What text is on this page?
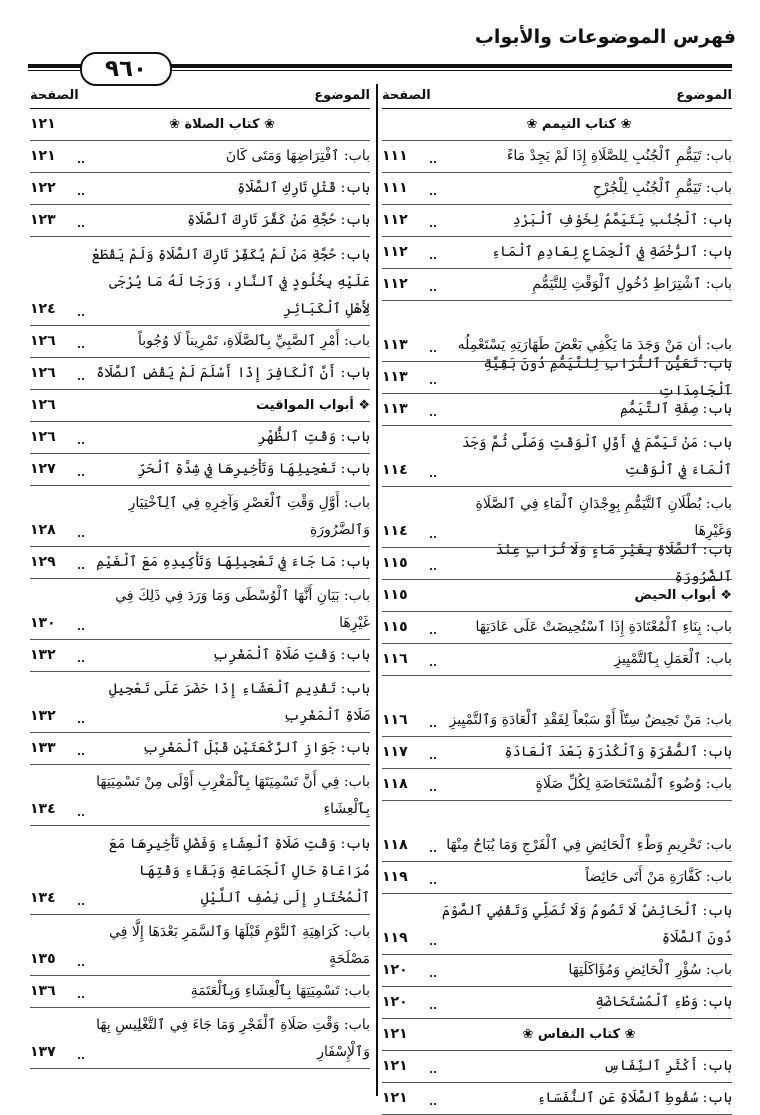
فهرس الموضوعات والأبواب
٩٦٠
الموضوع
الصفحة
❀ كتاب التيمم ❀
باب: تَيَمُّمِ ٱلْجُنُبِ لِلصَّلَاةِ إِذَا لَمْ يَجِدْ مَاءً
١١١
باب: تَيَمُّمِ ٱلْجُنُبِ لِلْجُرْحِ
١١١
باب: ٱلْجُنُبِ يَتَيَمَّمُ لِخَوْفِ ٱلْبَرْدِ
١١٢
باب: ٱلرُّخْصَةِ فِي ٱلْجِمَاعِ لِعَادِمِ ٱلْمَاءِ
١١٢
باب: ٱشْتِرَاطِ دُخُولِ ٱلْوَقْتِ لِلتَّيَمُّمِ
١١٢
باب: أن مَنْ وَجَدَ مَا يَكْفِي بَعْضَ طَهَارَتِهِ يَسْتَعْمِلُه
١١٣
باب: تَعَيُّنِ ٱلتُّرَابِ لِلتَّيَمُّمِ دُونَ بَقِيَّةِ ٱلْجَامِدَاتِ
١١٣
باب: صِفَةِ ٱلتَّيَمُّمِ
١١٣
باب: مَنْ تَيَمَّمَ فِي أَوَّلِ ٱلْوَقْتِ وَصَلَّى ثُمَّ وَجَدَ ٱلْمَاءَ فِي ٱلْوَقْتِ
١١٤
باب: بُطْلَانِ ٱلتَّيَمُّمِ بِوِجْدَانِ ٱلْمَاءِ فِي ٱلصَّلَاةِ وَغَيْرِهَا
١١٤
باب: ٱلصَّلَاةِ بِغَيْرِ مَاءٍ وَلَا تُرَابٍ عِنْدَ ٱلضَّرُورَةِ
١١٥
❖ أبواب الحيض
١١٥
باب: بِنَاءِ ٱلْمُعْتَادَةِ إِذَا ٱسْتُحِيضَتْ عَلَى عَادَتِهَا
١١٥
باب: ٱلْعَمَلِ بِٱلتَّمْيِيزِ
١١٦
باب: مَنْ تَحِيضُ سِتّاً أَوْ سَبْعاً لِفَقْدِ ٱلْعَادَةِ وَٱلتَّمْيِيزِ
١١٦
باب: ٱلصُّفْرَةِ وَٱلْكُدْرَةِ بَعْدَ ٱلْعَادَةِ
١١٧
باب: وُضُوءِ ٱلْمُسْتَحَاضَةِ لِكُلِّ صَلَاةٍ
١١٨
باب: تَحْرِيمِ وَطْءِ ٱلْحَائِضِ فِي ٱلْفَرْجِ وَمَا يُبَاحُ مِنْهَا
١١٨
باب: كَفَّارَةِ مَنْ أَتَى حَائِضاً
١١٩
باب: ٱلْحَائِضُ لَا تَصُومُ وَلَا تُصَلِّي وَتَقْضِي ٱلصَّوْمَ دُونَ ٱلصَّلَاةِ
١١٩
باب: سُؤْرِ ٱلْحَائِضِ وَمُؤَاكَلَتِهَا
١٢٠
باب: وَطْءِ ٱلْمُسْتَحَاضَةِ
١٢٠
❀ كتاب النفاس ❀
١٢١
باب: أَكْثَرِ ٱلنِّفَاسِ
١٢١
باب: سُقُوطِ ٱلصَّلَاةِ عَنِ ٱلنُّفَسَاءِ
١٢١
الموضوع
الصفحة
❀ كتاب الصلاة ❀
١٢١
باب: ٱفْتِرَاضِهَا وَمَتَى كَانَ
١٢١
باب: قَتْلِ تَارِكِ ٱلصَّلَاةِ
١٢٢
باب: حُجَّةِ مَنْ كَفَّرَ تَارِكَ ٱلصَّلَاةِ
١٢٣
باب: حُجَّةِ مَنْ لَمْ يُكَفِّرْ تَارِكَ ٱلصَّلَاةِ وَلَمْ يَقْطَعْ عَلَيْهِ بِخُلُودٍ فِي ٱلنَّارِ، وَرَجَا لَهُ مَا يُرْجَى لِأَهْلِ ٱلْكَبَائِرِ
١٢٤
باب: أَمْرِ ٱلصَّبِيِّ بِٱلصَّلَاةِ، تَمْرِيناً لَا وُجُوباً
١٢٦
باب: أَنَّ ٱلْكَافِرَ إِذَا أَسْلَمَ لَمْ يَقْضِ ٱلصَّلَاةَ
١٢٦
❖ أبواب المواقيت
١٢٦
باب: وَقْتِ ٱلظُّهْرِ
١٢٦
باب: تَعْجِيلِهَا وَتَأْخِيرِهَا فِي شِدَّةِ ٱلْحَرِّ
١٢٧
باب: أَوَّلِ وَقْتِ ٱلْعَصْرِ وَآخِرِهِ فِي ٱلِٱخْتِيَارِ وَٱلضَّرُورَةِ
١٢٨
باب: مَا جَاءَ فِي تَعْجِيلِهَا وَتَأْكِيدِهِ مَعَ ٱلْغَيْمِ
١٢٩
باب: بَيَانِ أَنَّهَا ٱلْوُسْطَى وَمَا وَرَدَ فِي ذَلِكَ فِي غَيْرِهَا
١٣٠
باب: وَقْتِ صَلَاةِ ٱلْمَغْرِبِ
١٣٢
باب: تَقْدِيمِ ٱلْعَشَاءِ إِذَا حَضَرَ عَلَى تَعْجِيلِ صَلَاةِ ٱلْمَغْرِبِ
١٣٢
باب: جَوَازِ ٱلرَّكْعَتَيْنِ قَبْلَ ٱلْمَغْرِبِ
١٣٣
باب: فِي أَنَّ تَسْمِيَتَهَا بِٱلْمَغْرِبِ أَوْلَى مِنْ تَسْمِيَتِهَا بِٱلْعِشَاءِ
١٣٤
باب: وَقْتِ صَلَاةِ ٱلْعِشَاءِ وَفَضْلِ تَأْخِيرِهَا مَعَ مُرَاعَاةِ حَالِ ٱلْجَمَاعَةِ وَبَقَاءِ وَقْتِهَا ٱلْمُخْتَارِ إِلَى نِصْفِ ٱللَّيْلِ
١٣٤
باب: كَرَاهِيَةِ ٱلنَّوْمِ قَبْلَهَا وَٱلسَّمَرِ بَعْدَهَا إِلَّا فِي مَصْلَحَةٍ
١٣٥
باب: تَسْمِيَتِهَا بِٱلْعِشَاءِ وَبِٱلْعَتَمَةِ
١٣٦
باب: وَقْتِ صَلَاةِ ٱلْفَجْرِ وَمَا جَاءَ فِي ٱلتَّغْلِيسِ بِهَا وَٱلْإِسْفَارِ
١٣٧
